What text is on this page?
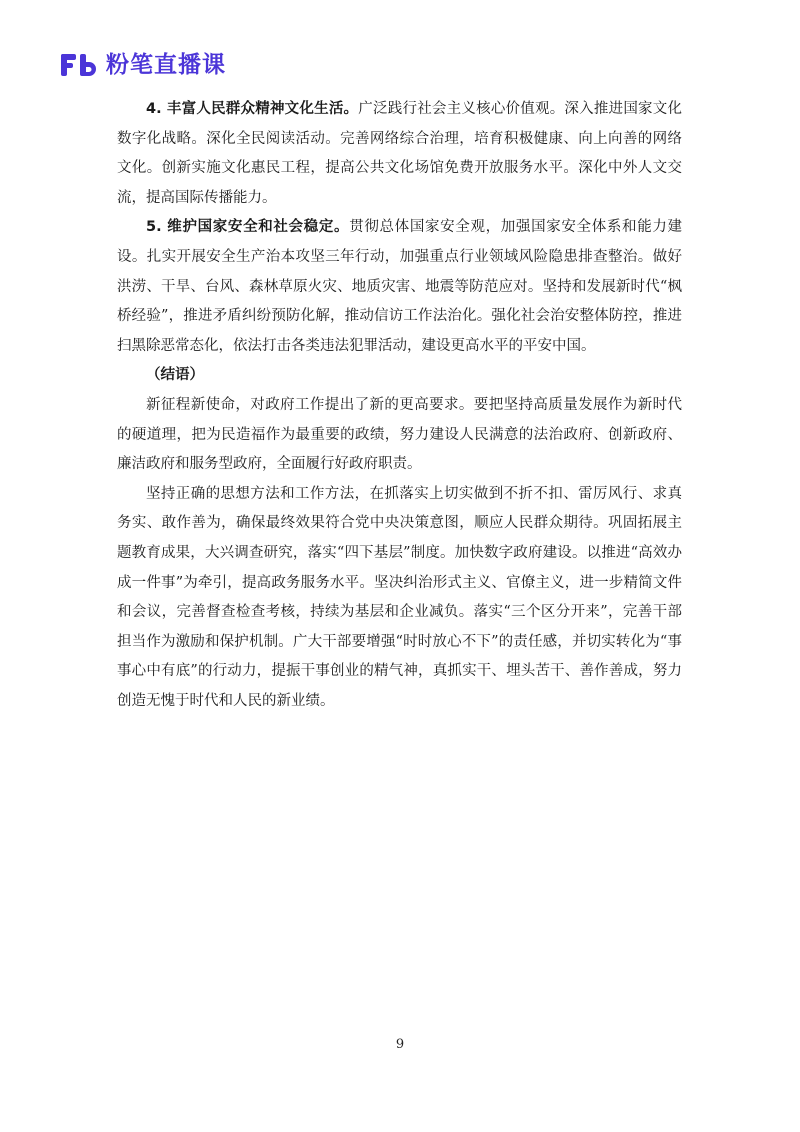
粉笔直播课

4. 丰富人民群众精神文化生活。广泛践行社会主义核心价值观。深入推进国家文化数字化战略。深化全民阅读活动。完善网络综合治理，培育积极健康、向上向善的网络文化。创新实施文化惠民工程，提高公共文化场馆免费开放服务水平。深化中外人文交流，提高国际传播能力。

5. 维护国家安全和社会稳定。贯彻总体国家安全观，加强国家安全体系和能力建设。扎实开展安全生产治本攻坚三年行动，加强重点行业领域风险隐患排查整治。做好洪涝、干旱、台风、森林草原火灾、地质灾害、地震等防范应对。坚持和发展新时代“枫桥经验”，推进矛盾纠纷预防化解，推动信访工作法治化。强化社会治安整体防控，推进扫黑除恶常态化，依法打击各类违法犯罪活动，建设更高水平的平安中国。

（结语）

新征程新使命，对政府工作提出了新的更高要求。要把坚持高质量发展作为新时代的硬道理，把为民造福作为最重要的政绩，努力建设人民满意的法治政府、创新政府、廉洁政府和服务型政府，全面履行好政府职责。

坚持正确的思想方法和工作方法，在抓落实上切实做到不折不扣、雷厉风行、求真务实、敢作善为，确保最终效果符合党中央决策意图，顺应人民群众期待。巩固拓展主题教育成果，大兴调查研究，落实“四下基层”制度。加快数字政府建设。以推进“高效办成一件事”为牵引，提高政务服务水平。坚决纠治形式主义、官僚主义，进一步精简文件和会议，完善督查检查考核，持续为基层和企业减负。落实“三个区分开来”，完善干部担当作为激励和保护机制。广大干部要增强“时时放心不下”的责任感，并切实转化为“事事心中有底”的行动力，提振干事创业的精气神，真抓实干、埋头苦干、善作善成，努力创造无愧于时代和人民的新业绩。

9
